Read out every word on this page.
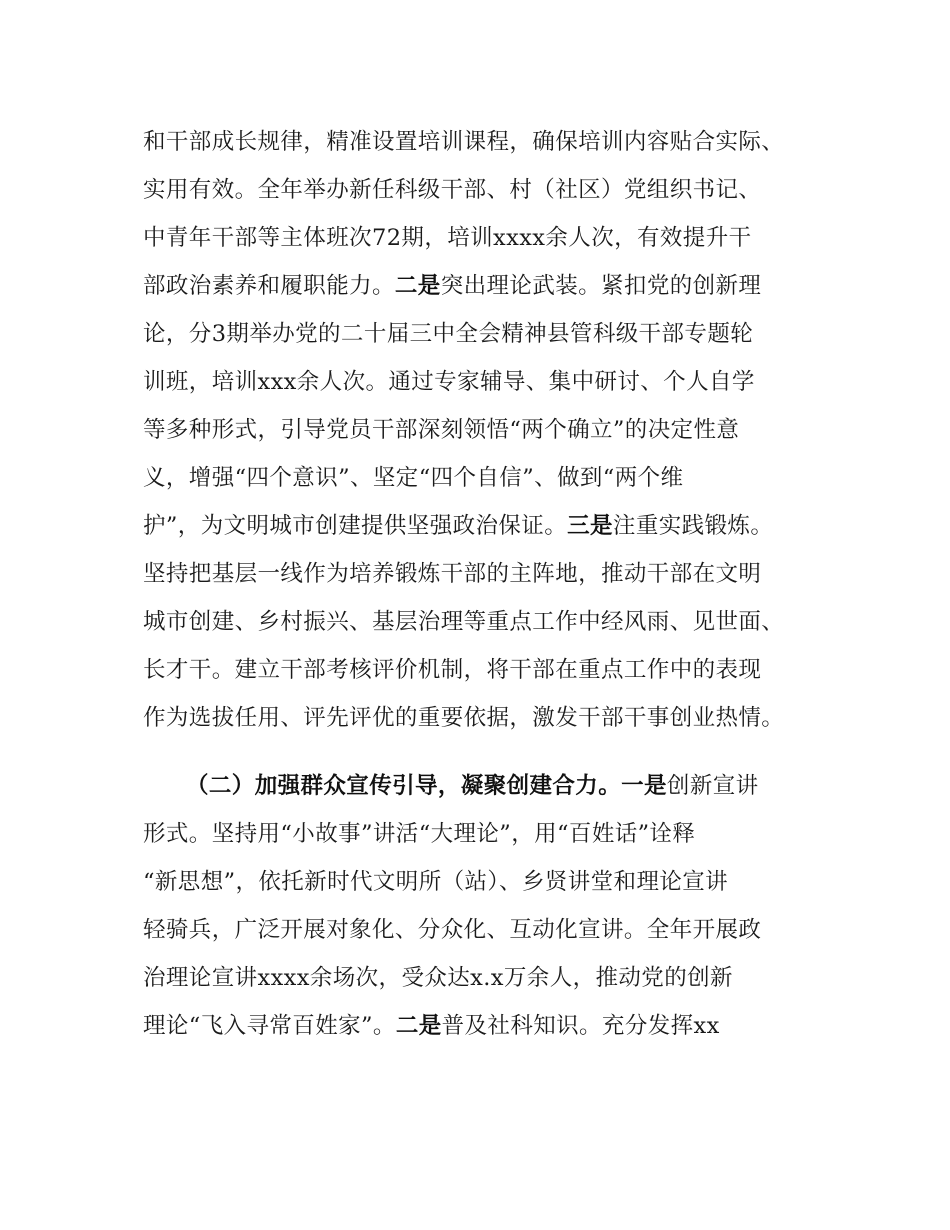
和干部成长规律，精准设置培训课程，确保培训内容贴合实际、
实用有效。全年举办新任科级干部、村（社区）党组织书记、
中青年干部等主体班次72期，培训xxxx余人次，有效提升干
部政治素养和履职能力。二是突出理论武装。紧扣党的创新理
论，分3期举办党的二十届三中全会精神县管科级干部专题轮
训班，培训xxx余人次。通过专家辅导、集中研讨、个人自学
等多种形式，引导党员干部深刻领悟“两个确立”的决定性意
义，增强“四个意识”、坚定“四个自信”、做到“两个维
护”，为文明城市创建提供坚强政治保证。三是注重实践锻炼。
坚持把基层一线作为培养锻炼干部的主阵地，推动干部在文明
城市创建、乡村振兴、基层治理等重点工作中经风雨、见世面、
长才干。建立干部考核评价机制，将干部在重点工作中的表现
作为选拔任用、评先评优的重要依据，激发干部干事创业热情。
（二）加强群众宣传引导，凝聚创建合力。一是创新宣讲
形式。坚持用“小故事”讲活“大理论”，用“百姓话”诠释
“新思想”，依托新时代文明所（站）、乡贤讲堂和理论宣讲
轻骑兵，广泛开展对象化、分众化、互动化宣讲。全年开展政
治理论宣讲xxxx余场次，受众达x.x万余人，推动党的创新
理论“飞入寻常百姓家”。二是普及社科知识。充分发挥xx
